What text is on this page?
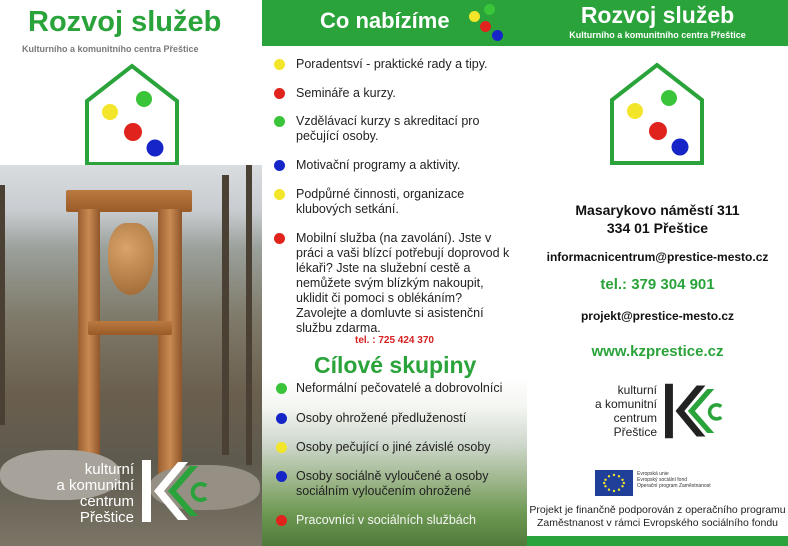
Rozvoj služeb
Kulturního a komunitního centra Přeštice
kulturní
a komunitní
centrum
Přeštice
Co nabízíme
Poradentsví - praktické rady a tipy.
Semináře a kurzy.
Vzdělávací kurzy s akreditací pro pečující osoby.
Motivační programy a aktivity.
Podpůrné činnosti, organizace klubových setkání.
Mobilní služba (na zavolání). Jste v práci a vaši blízcí potřebují doprovod k lékaři? Jste na služební cestě a nemůžete svým blízkým nakoupit, uklidit či pomoci s oblékáním? Zavolejte a domluvte si asistenční službu zdarma.
tel. : 725 424 370
Cílové skupiny
Neformální pečovatelé a dobrovolníci
Osoby ohrožené předlužeností
Osoby pečující o jiné závislé osoby
Osoby sociálně vyloučené a osoby sociálním vyloučením ohrožené
Pracovníci v sociálních službách
Rozvoj služeb
Kulturního a komunitního centra Přeštice
Masarykovo náměstí 311
334 01 Přeštice
informacnicentrum@prestice-mesto.cz
tel.: 379 304 901
projekt@prestice-mesto.cz
www.kzprestice.cz
kulturní
a komunitní
centrum
Přeštice
Evropská unie
Evropský sociální fond
Operační program Zaměstnanost
Projekt je finančně podporován z operačního programu
Zaměstnanost v rámci Evropského sociálního fondu
